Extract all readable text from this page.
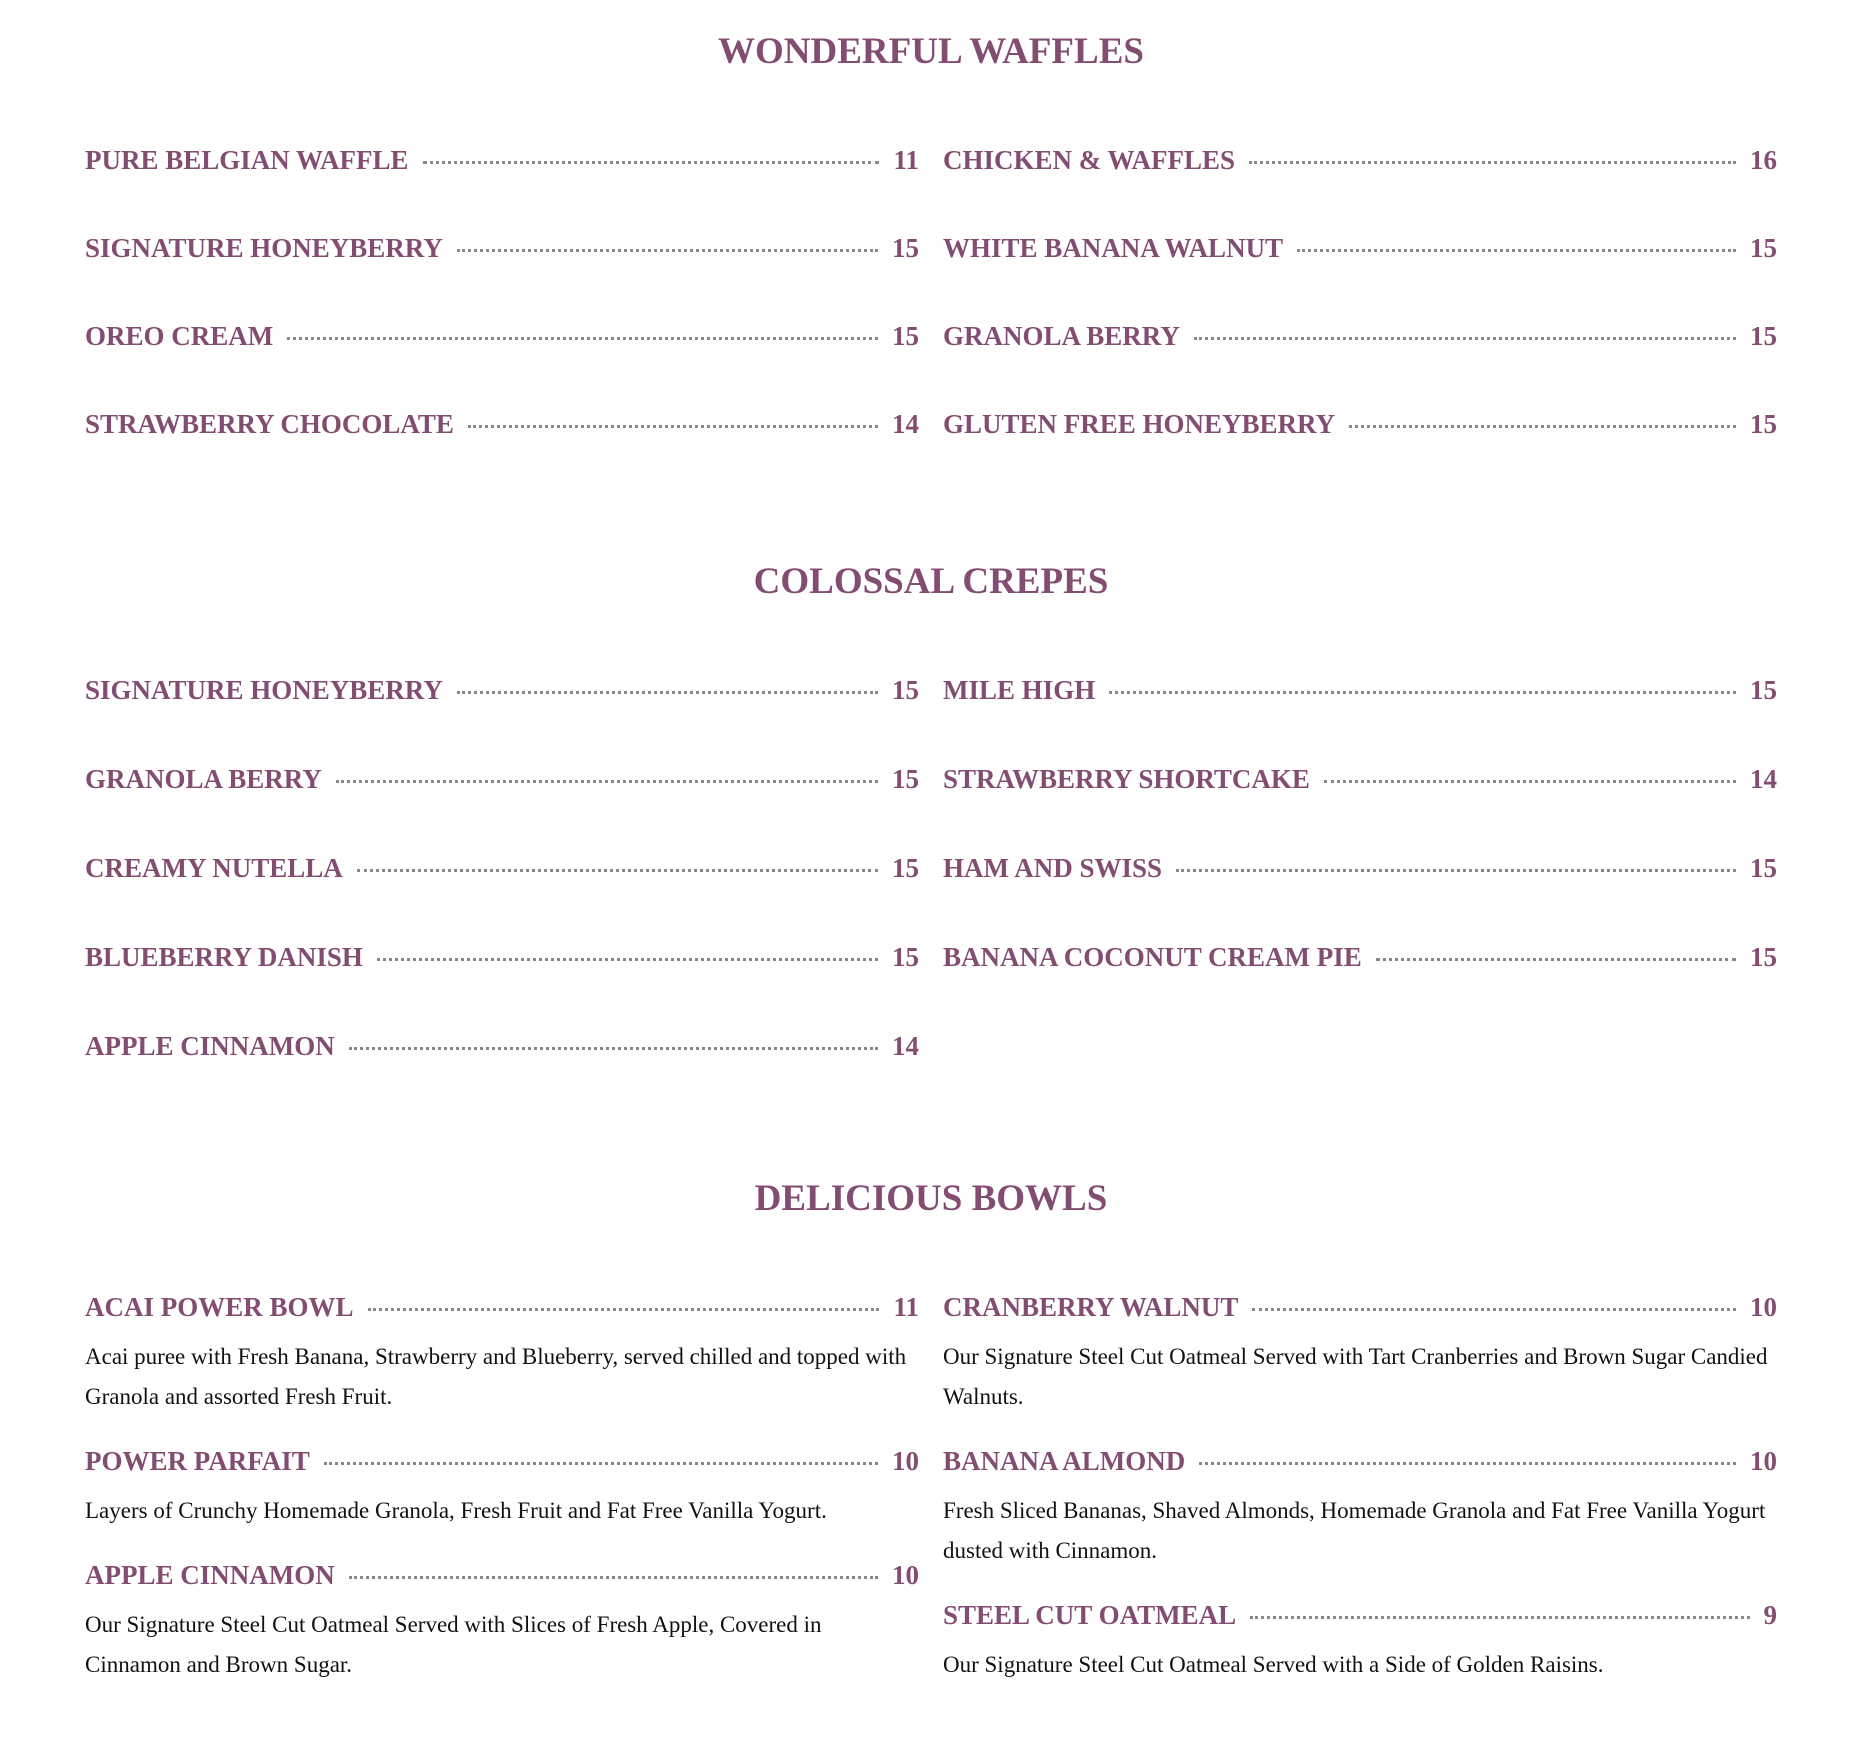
WONDERFUL WAFFLES
PURE BELGIAN WAFFLE	11
SIGNATURE HONEYBERRY	15
OREO CREAM	15
STRAWBERRY CHOCOLATE	14
CHICKEN & WAFFLES	16
WHITE BANANA WALNUT	15
GRANOLA BERRY	15
GLUTEN FREE HONEYBERRY	15
COLOSSAL CREPES
SIGNATURE HONEYBERRY	15
GRANOLA BERRY	15
CREAMY NUTELLA	15
BLUEBERRY DANISH	15
APPLE CINNAMON	14
MILE HIGH	15
STRAWBERRY SHORTCAKE	14
HAM AND SWISS	15
BANANA COCONUT CREAM PIE	15
DELICIOUS BOWLS
ACAI POWER BOWL	11

Acai puree with Fresh Banana, Strawberry and Blueberry, served chilled and topped with Granola and assorted Fresh Fruit.

POWER PARFAIT	10

Layers of Crunchy Homemade Granola, Fresh Fruit and Fat Free Vanilla Yogurt.

APPLE CINNAMON	10

Our Signature Steel Cut Oatmeal Served with Slices of Fresh Apple, Covered in Cinnamon and Brown Sugar.

CRANBERRY WALNUT	10

Our Signature Steel Cut Oatmeal Served with Tart Cranberries and Brown Sugar Candied Walnuts.

BANANA ALMOND	10

Fresh Sliced Bananas, Shaved Almonds, Homemade Granola and Fat Free Vanilla Yogurt dusted with Cinnamon.

STEEL CUT OATMEAL	9

Our Signature Steel Cut Oatmeal Served with a Side of Golden Raisins.
